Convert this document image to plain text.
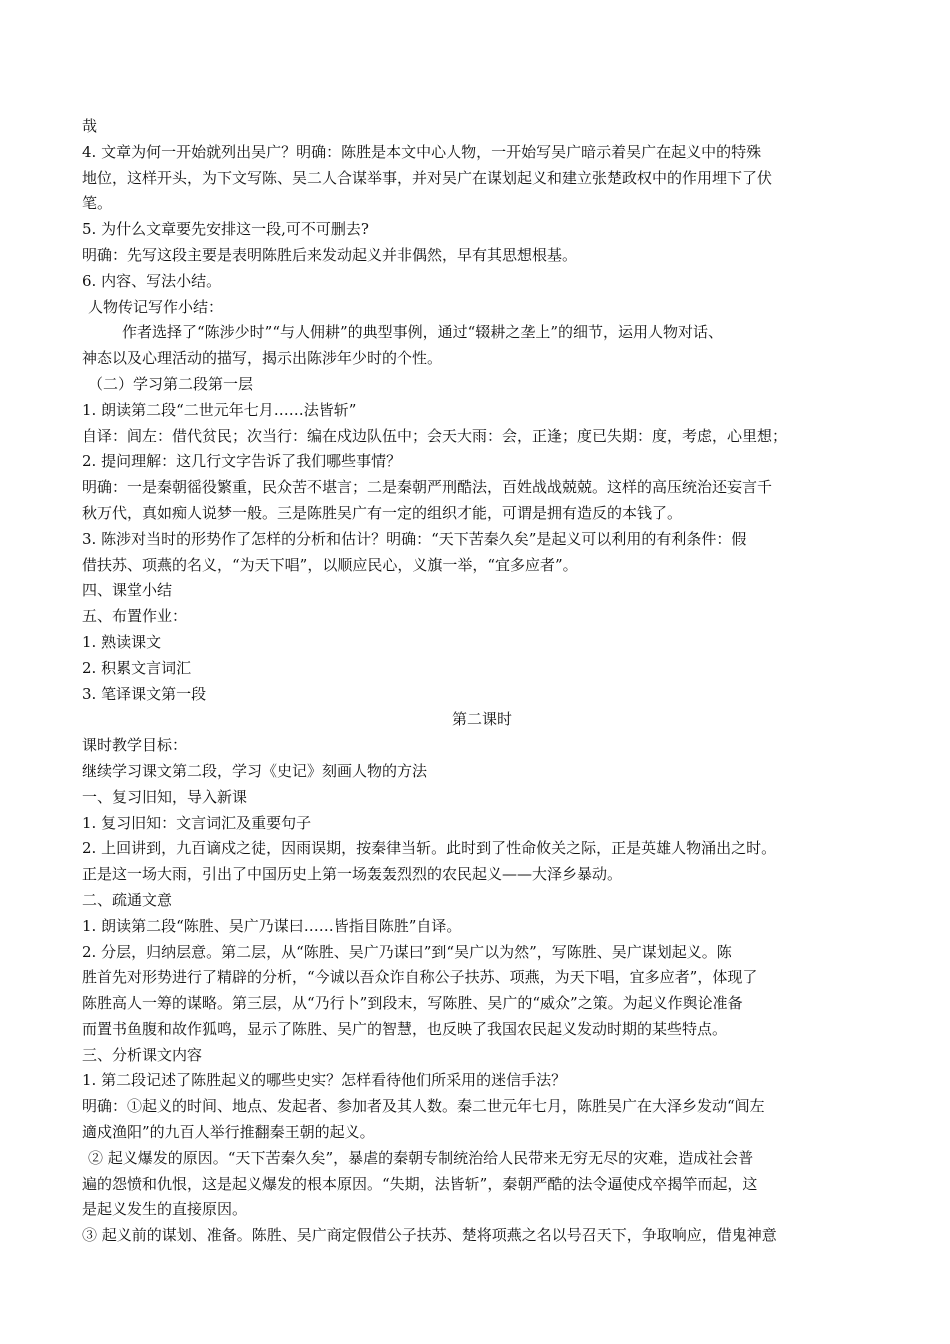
哉
4. 文章为何一开始就列出吴广？明确：陈胜是本文中心人物，一开始写吴广暗示着吴广在起义中的特殊
地位，这样开头，为下文写陈、吴二人合谋举事，并对吴广在谋划起义和建立张楚政权中的作用埋下了伏
笔。
5. 为什么文章要先安排这一段,可不可删去?
明确：先写这段主要是表明陈胜后来发动起义并非偶然，早有其思想根基。
6. 内容、写法小结。
人物传记写作小结：
作者选择了“陈涉少时”“与人佣耕”的典型事例，通过“辍耕之垄上”的细节，运用人物对话、
神态以及心理活动的描写，揭示出陈涉年少时的个性。
（二）学习第二段第一层
1. 朗读第二段“二世元年七月……法皆斩”
自译：闾左：借代贫民；次当行：编在戍边队伍中；会天大雨：会，正逢；度已失期：度，考虑，心里想；
2. 提问理解：这几行文字告诉了我们哪些事情？
明确：一是秦朝徭役繁重，民众苦不堪言；二是秦朝严刑酷法，百姓战战兢兢。这样的高压统治还妄言千
秋万代，真如痴人说梦一般。三是陈胜吴广有一定的组织才能，可谓是拥有造反的本钱了。
3. 陈涉对当时的形势作了怎样的分析和估计？明确：“天下苦秦久矣”是起义可以利用的有利条件：假
借扶苏、项燕的名义，“为天下唱”，以顺应民心，义旗一举，“宜多应者”。
四、课堂小结
五、布置作业：
1. 熟读课文
2. 积累文言词汇
3. 笔译课文第一段
第二课时
课时教学目标：
继续学习课文第二段，学习《史记》刻画人物的方法
一、复习旧知，导入新课
1. 复习旧知：文言词汇及重要句子
2. 上回讲到，九百谪戍之徒，因雨误期，按秦律当斩。此时到了性命攸关之际，正是英雄人物涌出之时。
正是这一场大雨，引出了中国历史上第一场轰轰烈烈的农民起义——大泽乡暴动。
二、疏通文意
1. 朗读第二段“陈胜、吴广乃谋曰……皆指目陈胜”自译。
2. 分层，归纳层意。第二层，从“陈胜、吴广乃谋曰”到“吴广以为然”，写陈胜、吴广谋划起义。陈
胜首先对形势进行了精辟的分析，“今诚以吾众诈自称公子扶苏、项燕，为天下唱，宜多应者”，体现了
陈胜高人一筹的谋略。第三层，从“乃行卜”到段末，写陈胜、吴广的“威众”之策。为起义作舆论准备
而置书鱼腹和故作狐鸣，显示了陈胜、吴广的智慧，也反映了我国农民起义发动时期的某些特点。
三、分析课文内容
1. 第二段记述了陈胜起义的哪些史实？怎样看待他们所采用的迷信手法？
明确：①起义的时间、地点、发起者、参加者及其人数。秦二世元年七月，陈胜吴广在大泽乡发动“闾左
適戍渔阳”的九百人举行推翻秦王朝的起义。
② 起义爆发的原因。“天下苦秦久矣”，暴虐的秦朝专制统治给人民带来无穷无尽的灾难，造成社会普
遍的怨愤和仇恨，这是起义爆发的根本原因。“失期，法皆斩”，秦朝严酷的法令逼使戍卒揭竿而起，这
是起义发生的直接原因。
③ 起义前的谋划、准备。陈胜、吴广商定假借公子扶苏、楚将项燕之名以号召天下，争取响应，借鬼神意
